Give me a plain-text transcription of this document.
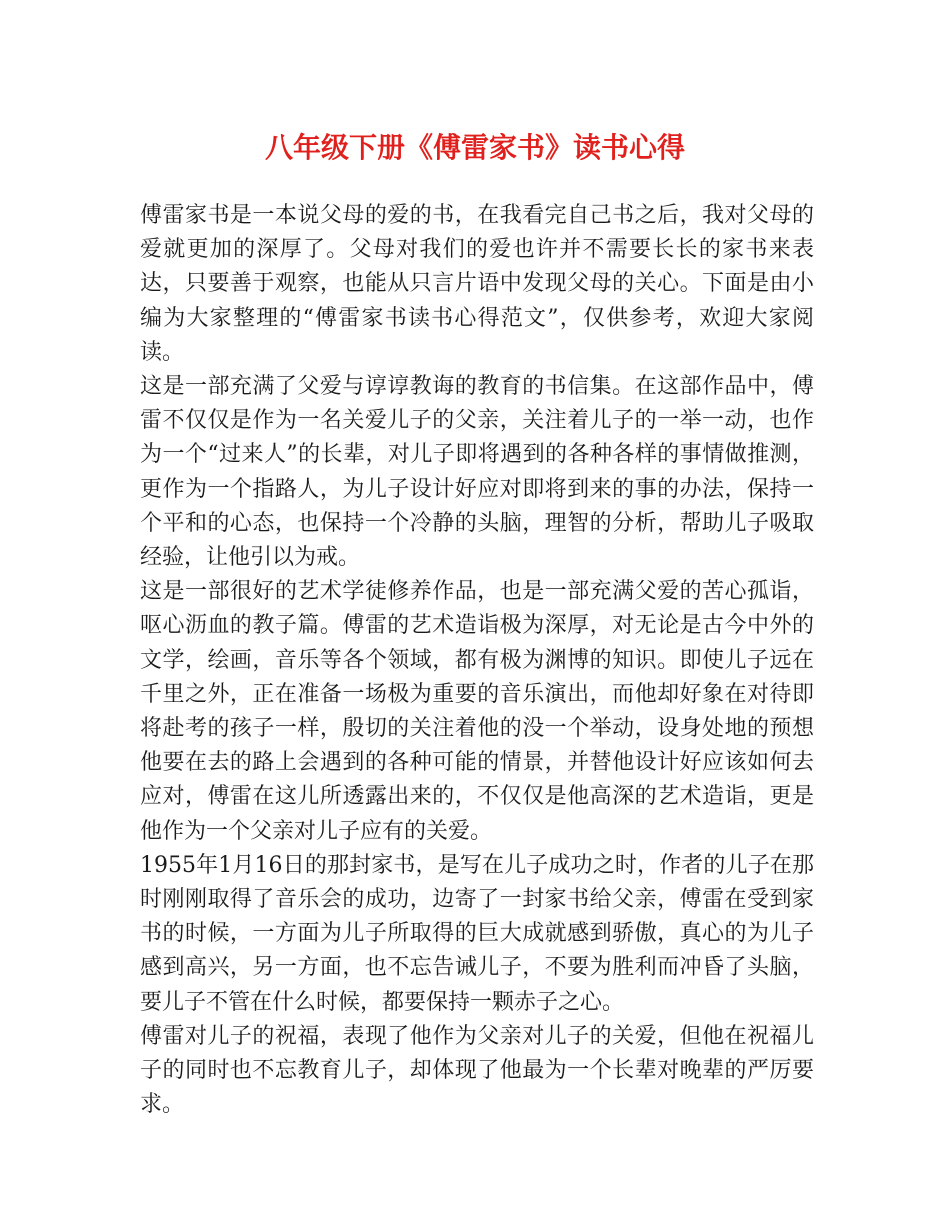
八年级下册《傅雷家书》读书心得

傅雷家书是一本说父母的爱的书，在我看完自己书之后，我对父母的爱就更加的深厚了。父母对我们的爱也许并不需要长长的家书来表达，只要善于观察，也能从只言片语中发现父母的关心。下面是由小编为大家整理的“傅雷家书读书心得范文”，仅供参考，欢迎大家阅读。

这是一部充满了父爱与谆谆教诲的教育的书信集。在这部作品中，傅雷不仅仅是作为一名关爱儿子的父亲，关注着儿子的一举一动，也作为一个“过来人”的长辈，对儿子即将遇到的各种各样的事情做推测，更作为一个指路人，为儿子设计好应对即将到来的事的办法，保持一个平和的心态，也保持一个冷静的头脑，理智的分析，帮助儿子吸取经验，让他引以为戒。

这是一部很好的艺术学徒修养作品，也是一部充满父爱的苦心孤诣，呕心沥血的教子篇。傅雷的艺术造诣极为深厚，对无论是古今中外的文学，绘画，音乐等各个领域，都有极为渊博的知识。即使儿子远在千里之外，正在准备一场极为重要的音乐演出，而他却好象在对待即将赴考的孩子一样，殷切的关注着他的没一个举动，设身处地的预想他要在去的路上会遇到的各种可能的情景，并替他设计好应该如何去应对，傅雷在这儿所透露出来的，不仅仅是他高深的艺术造诣，更是他作为一个父亲对儿子应有的关爱。

1955年1月16日的那封家书，是写在儿子成功之时，作者的儿子在那时刚刚取得了音乐会的成功，边寄了一封家书给父亲，傅雷在受到家书的时候，一方面为儿子所取得的巨大成就感到骄傲，真心的为儿子感到高兴，另一方面，也不忘告诫儿子，不要为胜利而冲昏了头脑，要儿子不管在什么时候，都要保持一颗赤子之心。

傅雷对儿子的祝福，表现了他作为父亲对儿子的关爱，但他在祝福儿子的同时也不忘教育儿子，却体现了他最为一个长辈对晚辈的严厉要求。
